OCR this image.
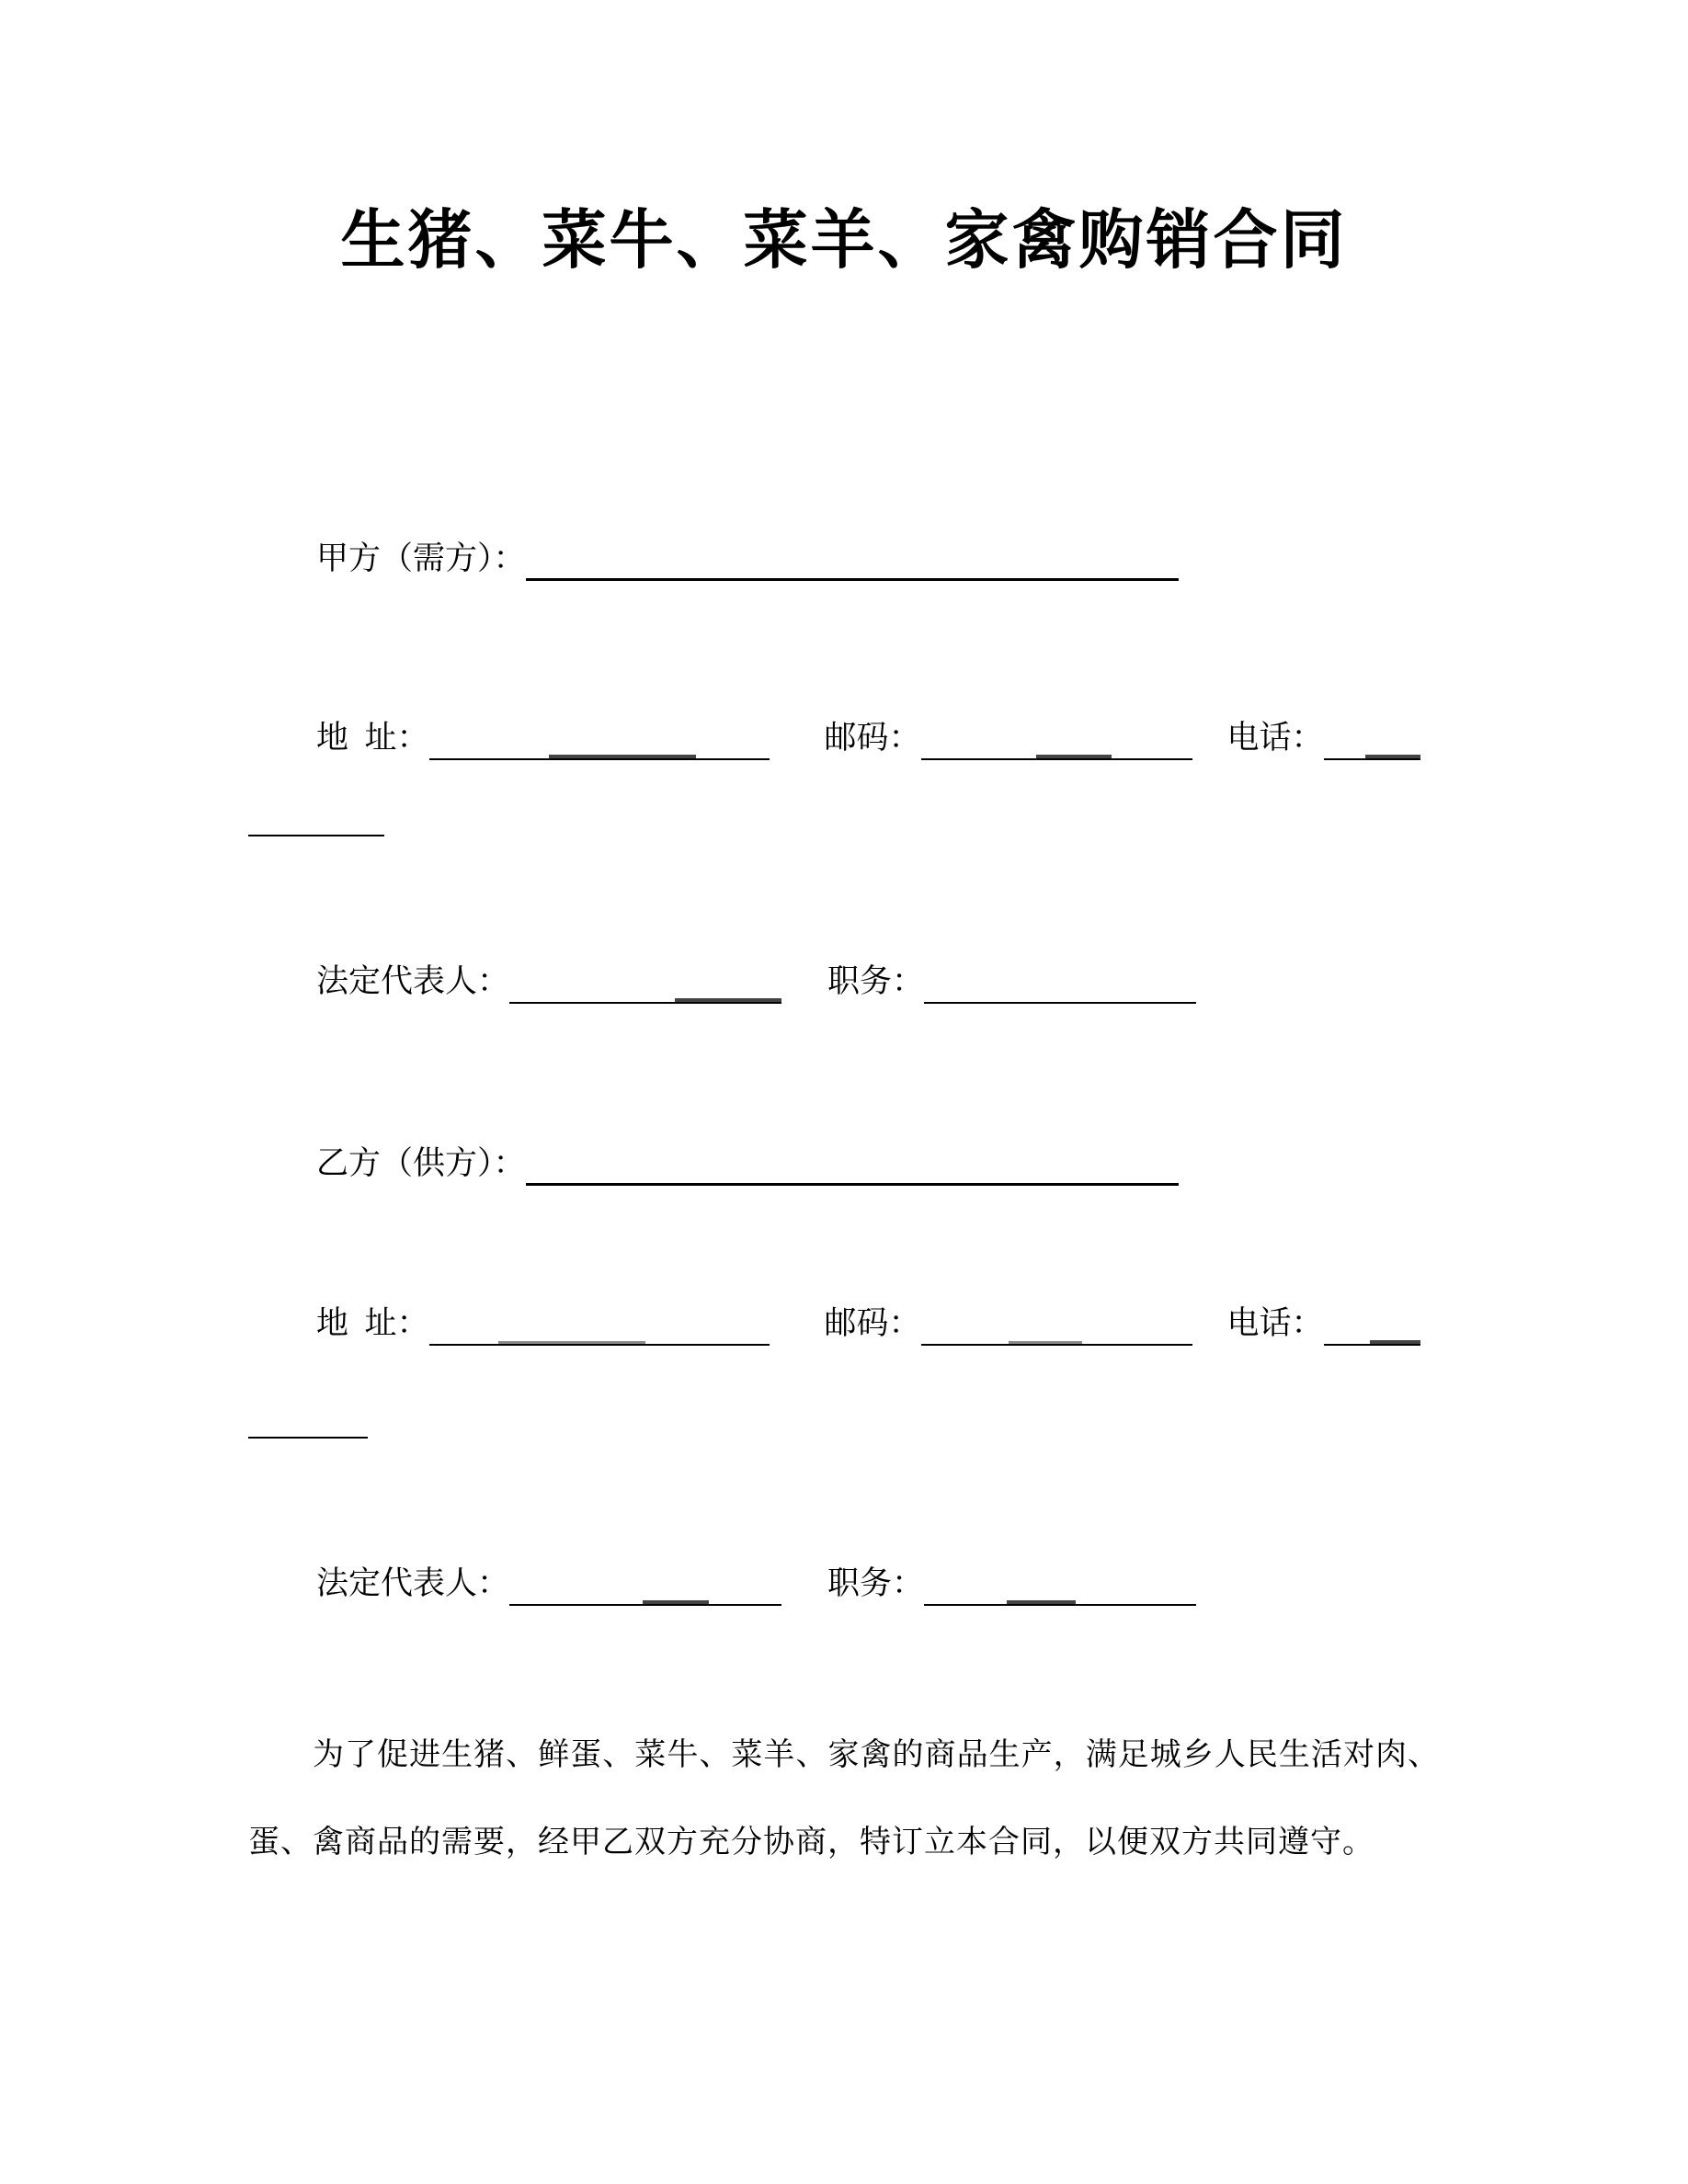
生猪、菜牛、菜羊、家禽购销合同
甲方（需方）：
地  址：	邮码：	电话：
法定代表人：	职务：
乙方（供方）：
地  址：	邮码：	电话：
法定代表人：	职务：

为了促进生猪、鲜蛋、菜牛、菜羊、家禽的商品生产，满足城乡人民生活对肉、蛋、禽商品的需要，经甲乙双方充分协商，特订立本合同，以便双方共同遵守。
